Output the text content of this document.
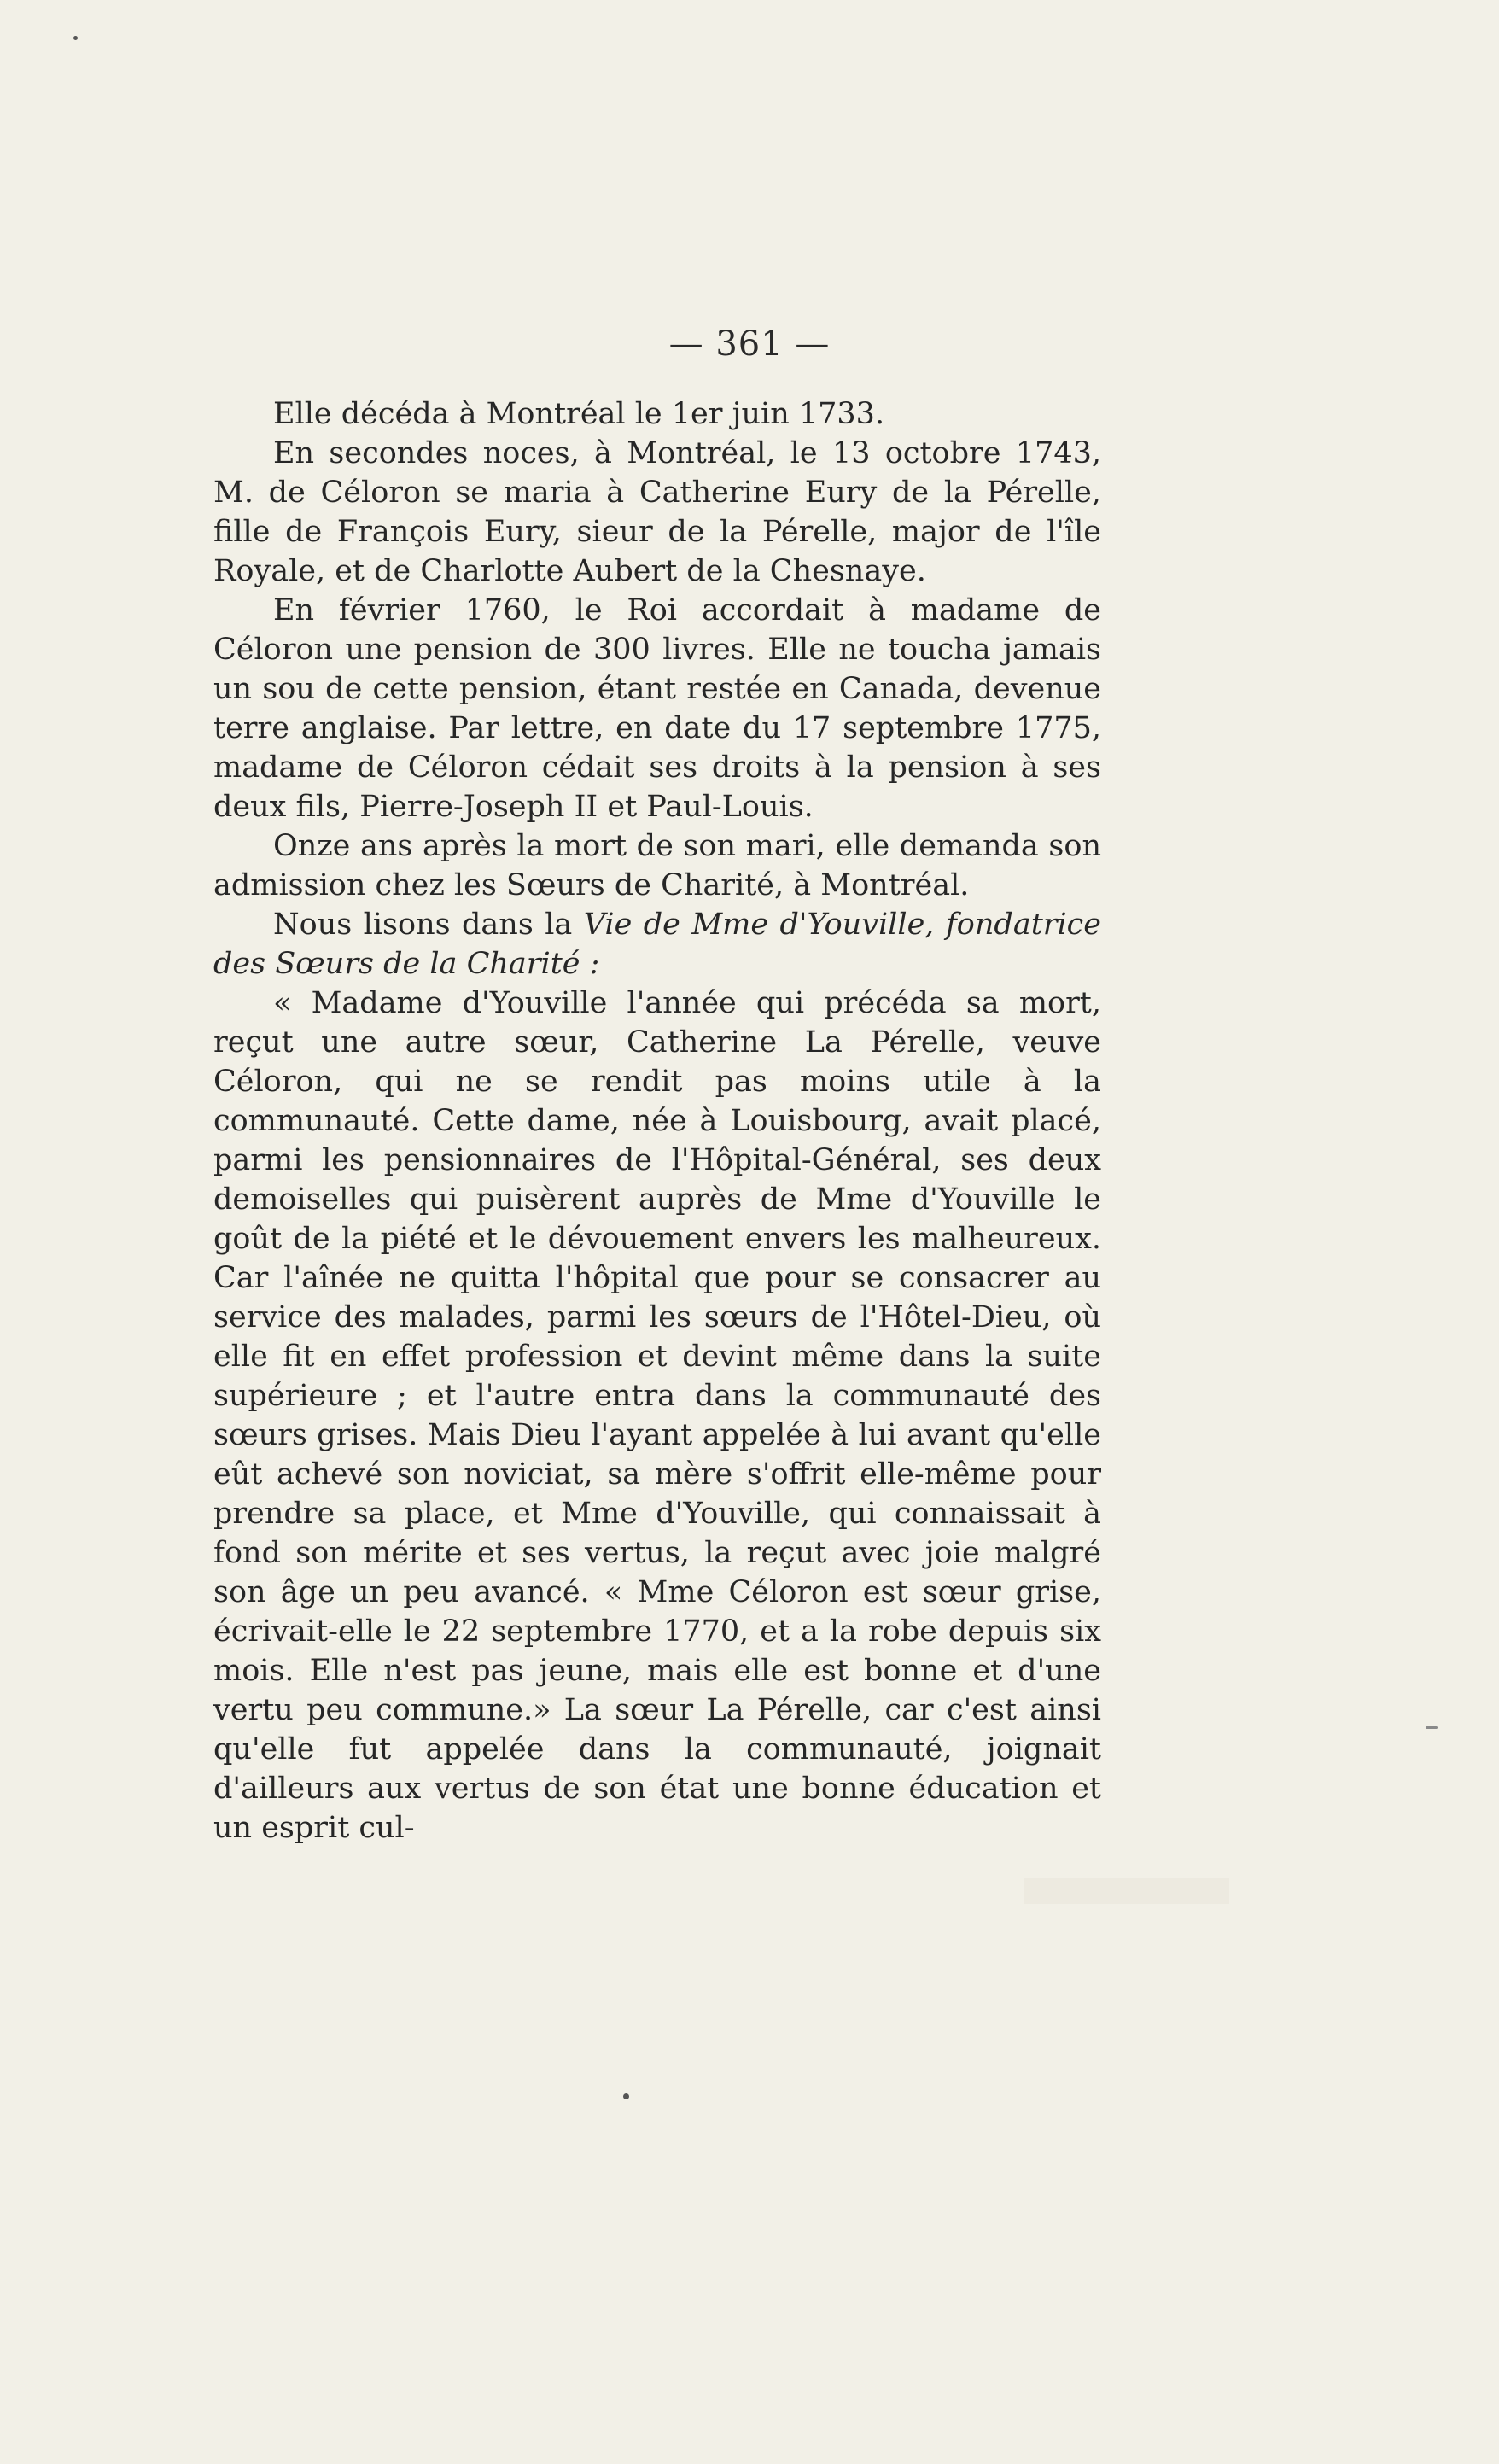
— 361 —

Elle décéda à Montréal le 1er juin 1733.

En secondes noces, à Montréal, le 13 octobre 1743, M. de Céloron se maria à Catherine Eury de la Pérelle, fille de François Eury, sieur de la Pérelle, major de l'île Royale, et de Charlotte Aubert de la Chesnaye.

En février 1760, le Roi accordait à madame de Céloron une pension de 300 livres. Elle ne toucha jamais un sou de cette pension, étant restée en Canada, devenue terre anglaise. Par lettre, en date du 17 septembre 1775, madame de Céloron cédait ses droits à la pension à ses deux fils, Pierre-Joseph II et Paul-Louis.

Onze ans après la mort de son mari, elle demanda son admission chez les Sœurs de Charité, à Montréal.

Nous lisons dans la Vie de Mme d'Youville, fondatrice des Sœurs de la Charité :

« Madame d'Youville l'année qui précéda sa mort, reçut une autre sœur, Catherine La Pérelle, veuve Céloron, qui ne se rendit pas moins utile à la communauté. Cette dame, née à Louisbourg, avait placé, parmi les pensionnaires de l'Hôpital-Général, ses deux demoiselles qui puisèrent auprès de Mme d'Youville le goût de la piété et le dévouement envers les malheureux. Car l'aînée ne quitta l'hôpital que pour se consacrer au service des malades, parmi les sœurs de l'Hôtel-Dieu, où elle fit en effet profession et devint même dans la suite supérieure ; et l'autre entra dans la communauté des sœurs grises. Mais Dieu l'ayant appelée à lui avant qu'elle eût achevé son noviciat, sa mère s'offrit elle-même pour prendre sa place, et Mme d'Youville, qui connaissait à fond son mérite et ses vertus, la reçut avec joie malgré son âge un peu avancé. « Mme Céloron est sœur grise, écrivait-elle le 22 septembre 1770, et a la robe depuis six mois. Elle n'est pas jeune, mais elle est bonne et d'une vertu peu commune.» La sœur La Pérelle, car c'est ainsi qu'elle fut appelée dans la communauté, joignait d'ailleurs aux vertus de son état une bonne éducation et un esprit cul-
